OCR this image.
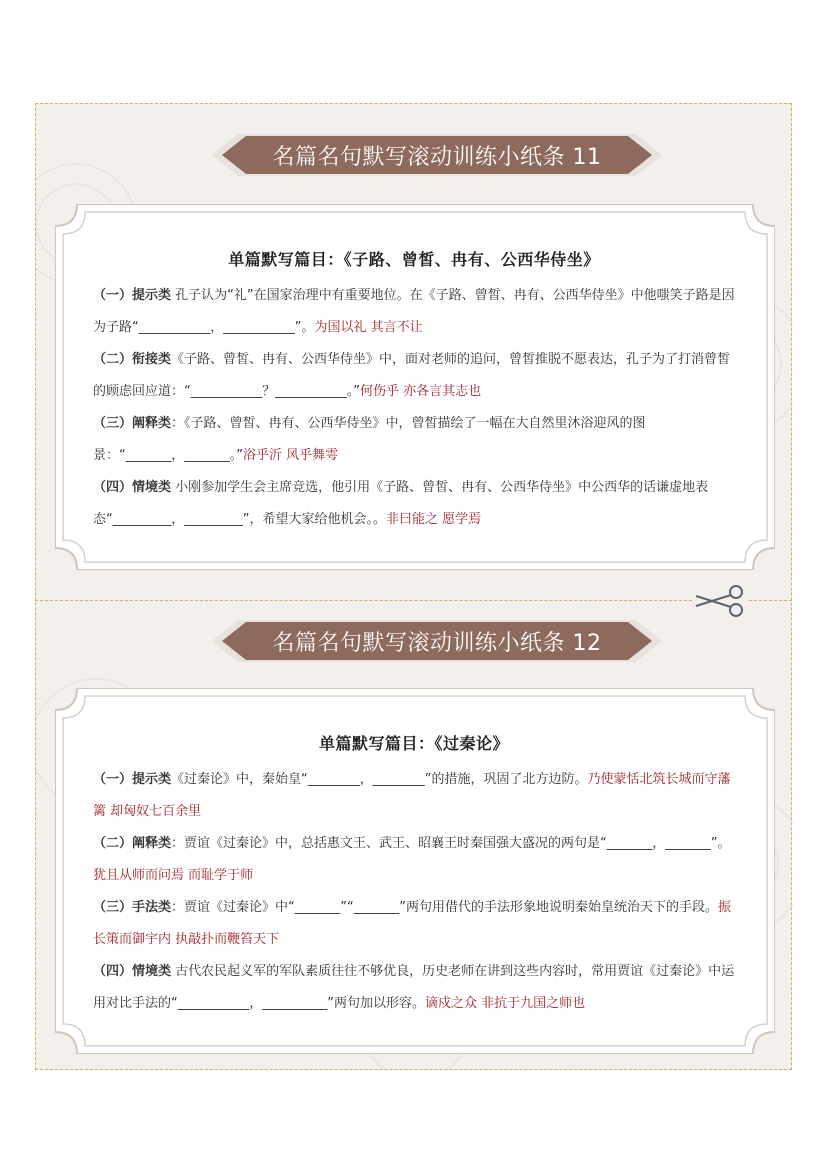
名篇名句默写滚动训练小纸条 11
单篇默写篇目：《子路、曾皙、冉有、公西华侍坐》

（一）提示类 孔子认为“礼”在国家治理中有重要地位。在《子路、曾皙、冉有、公西华侍坐》中他嗤笑子路是因为子路“___________，___________”。为国以礼 其言不让

（二）衔接类《子路、曾皙、冉有、公西华侍坐》中，面对老师的追问，曾皙推脱不愿表达，孔子为了打消曾皙的顾虑回应道：“___________？___________。”何伤乎 亦各言其志也

（三）阐释类：《子路、曾皙、冉有、公西华侍坐》中，曾皙描绘了一幅在大自然里沐浴迎风的图景：“_______，_______。”浴乎沂 风乎舞雩

（四）情境类 小刚参加学生会主席竞选，他引用《子路、曾皙、冉有、公西华侍坐》中公西华的话谦虚地表态“_________，_________”，希望大家给他机会。。非曰能之 愿学焉

名篇名句默写滚动训练小纸条 12
单篇默写篇目：《过秦论》

（一）提示类《过秦论》中，秦始皇“________，________”的措施，巩固了北方边防。乃使蒙恬北筑长城而守藩篱 却匈奴七百余里

（二）阐释类：贾谊《过秦论》中，总括惠文王、武王、昭襄王时秦国强大盛况的两句是“_______，_______”。犹且从师而问焉 而耻学于师

（三）手法类：贾谊《过秦论》中“_______”“_______”两句用借代的手法形象地说明秦始皇统治天下的手段。振长策而御宇内 执敲扑而鞭笞天下

（四）情境类 古代农民起义军的军队素质往往不够优良，历史老师在讲到这些内容时，常用贾谊《过秦论》中运用对比手法的“___________，__________”两句加以形容。谪戍之众 非抗于九国之师也
